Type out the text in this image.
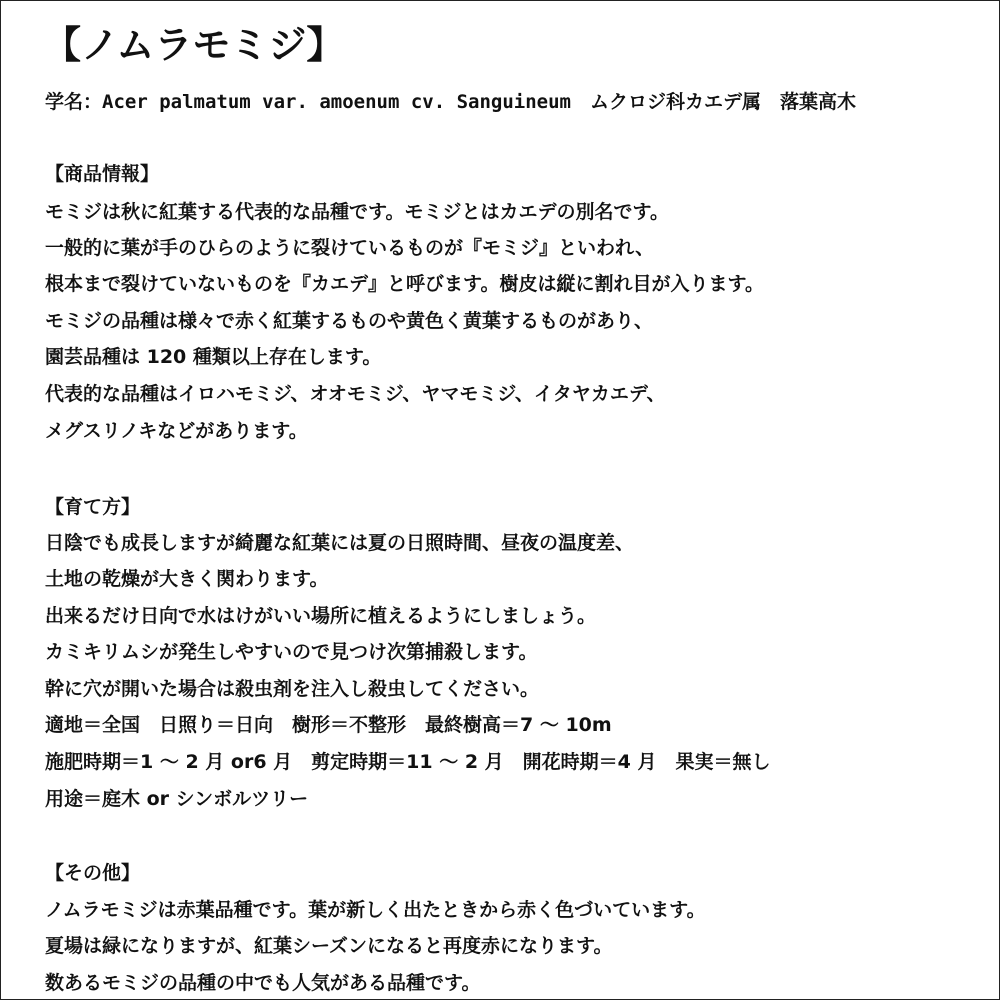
【ノムラモミジ】

学名：Acer palmatum var. amoenum cv. Sanguineum　ムクロジ科カエデ属　落葉高木

【商品情報】

モミジは秋に紅葉する代表的な品種です。モミジとはカエデの別名です。

一般的に葉が手のひらのように裂けているものが『モミジ』といわれ、

根本まで裂けていないものを『カエデ』と呼びます。樹皮は縦に割れ目が入ります。

モミジの品種は様々で赤く紅葉するものや黄色く黄葉するものがあり、

園芸品種は 120 種類以上存在します。

代表的な品種はイロハモミジ、オオモミジ、ヤマモミジ、イタヤカエデ、

メグスリノキなどがあります。

【育て方】

日陰でも成長しますが綺麗な紅葉には夏の日照時間、昼夜の温度差、

土地の乾燥が大きく関わります。

出来るだけ日向で水はけがいい場所に植えるようにしましょう。

カミキリムシが発生しやすいので見つけ次第捕殺します。

幹に穴が開いた場合は殺虫剤を注入し殺虫してください。

適地＝全国　日照り＝日向　樹形＝不整形　最終樹高＝7 〜 10m

施肥時期＝1 〜 2 月 or6 月　剪定時期＝11 〜 2 月　開花時期＝4 月　果実＝無し

用途＝庭木 or シンボルツリー

【その他】

ノムラモミジは赤葉品種です。葉が新しく出たときから赤く色づいています。

夏場は緑になりますが、紅葉シーズンになると再度赤になります。

数あるモミジの品種の中でも人気がある品種です。
